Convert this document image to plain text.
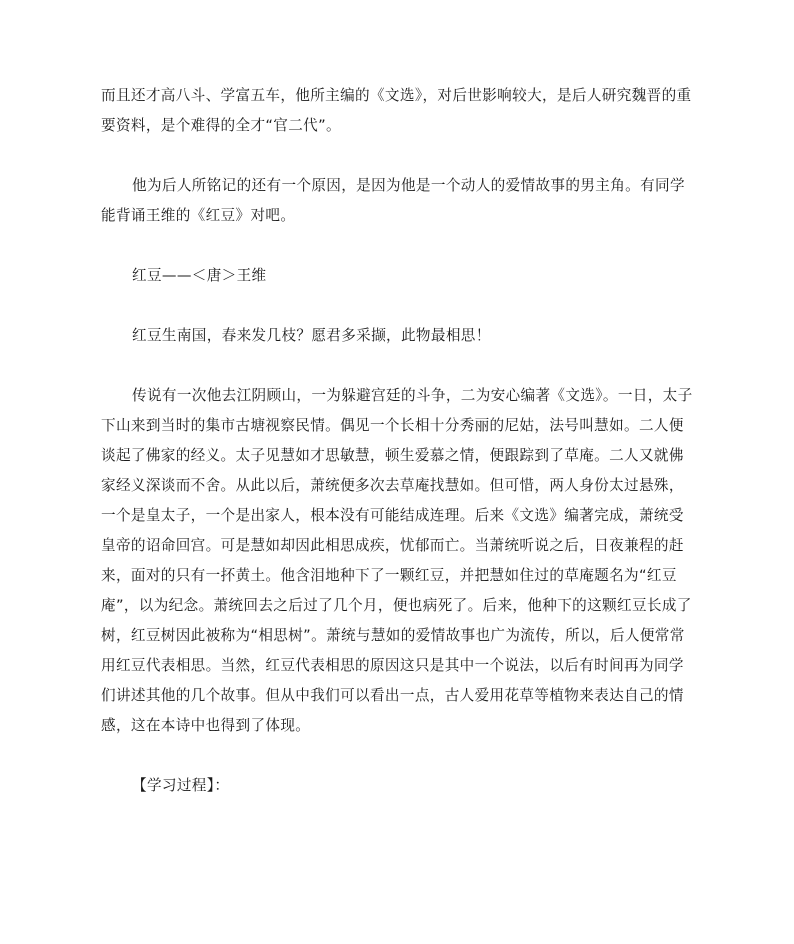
而且还才高八斗、学富五车，他所主编的《文选》，对后世影响较大，是后人研究魏晋的重
要资料，是个难得的全才“官二代”。
他为后人所铭记的还有一个原因，是因为他是一个动人的爱情故事的男主角。有同学
能背诵王维的《红豆》对吧。
红豆——＜唐＞王维
红豆生南国，春来发几枝？愿君多采撷，此物最相思！
传说有一次他去江阴顾山，一为躲避宫廷的斗争，二为安心编著《文选》。一日，太子
下山来到当时的集市古塘视察民情。偶见一个长相十分秀丽的尼姑，法号叫慧如。二人便
谈起了佛家的经义。太子见慧如才思敏慧，顿生爱慕之情，便跟踪到了草庵。二人又就佛
家经义深谈而不舍。从此以后，萧统便多次去草庵找慧如。但可惜，两人身份太过悬殊，
一个是皇太子，一个是出家人，根本没有可能结成连理。后来《文选》编著完成，萧统受
皇帝的诏命回宫。可是慧如却因此相思成疾，忧郁而亡。当萧统听说之后，日夜兼程的赶
来，面对的只有一抔黄土。他含泪地种下了一颗红豆，并把慧如住过的草庵题名为“红豆
庵”，以为纪念。萧统回去之后过了几个月，便也病死了。后来，他种下的这颗红豆长成了
树，红豆树因此被称为“相思树”。萧统与慧如的爱情故事也广为流传，所以，后人便常常
用红豆代表相思。当然，红豆代表相思的原因这只是其中一个说法，以后有时间再为同学
们讲述其他的几个故事。但从中我们可以看出一点，古人爱用花草等植物来表达自己的情
感，这在本诗中也得到了体现。
【学习过程】：
